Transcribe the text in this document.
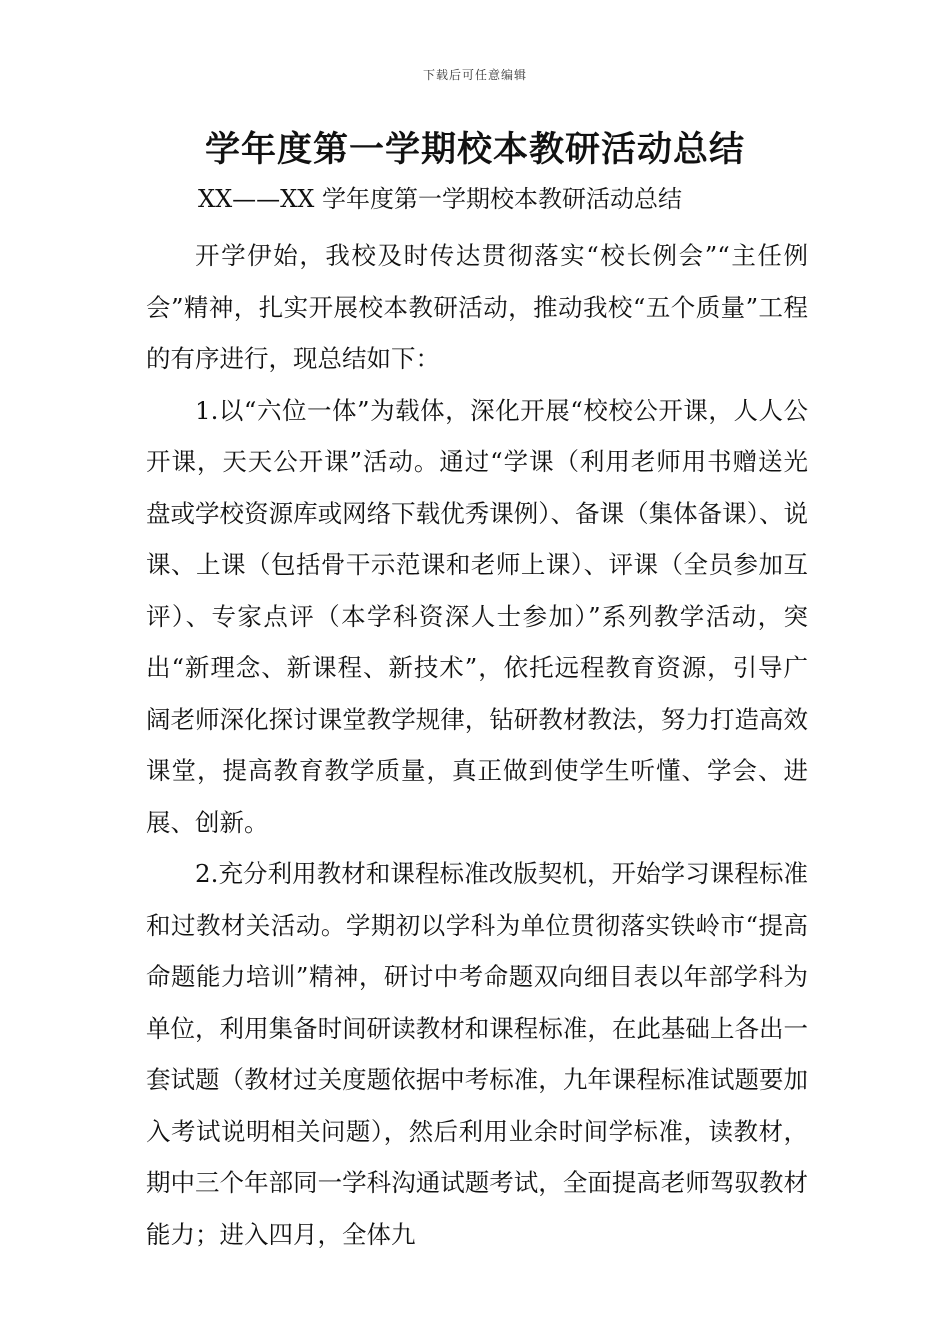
下载后可任意编辑
学年度第一学期校本教研活动总结

XX——XX 学年度第一学期校本教研活动总结

开学伊始，我校及时传达贯彻落实“校长例会”“主任例会”精神，扎实开展校本教研活动，推动我校“五个质量”工程的有序进行，现总结如下：

1.以“六位一体”为载体，深化开展“校校公开课，人人公开课，天天公开课”活动。通过“学课（利用老师用书赠送光盘或学校资源库或网络下载优秀课例）、备课（集体备课）、说课、上课（包括骨干示范课和老师上课）、评课（全员参加互评）、专家点评（本学科资深人士参加）”系列教学活动，突出“新理念、新课程、新技术”，依托远程教育资源，引导广阔老师深化探讨课堂教学规律，钻研教材教法，努力打造高效课堂，提高教育教学质量，真正做到使学生听懂、学会、进展、创新。

2.充分利用教材和课程标准改版契机，开始学习课程标准和过教材关活动。学期初以学科为单位贯彻落实铁岭市“提高命题能力培训”精神，研讨中考命题双向细目表以年部学科为单位，利用集备时间研读教材和课程标准，在此基础上各出一套试题（教材过关度题依据中考标准，九年课程标准试题要加入考试说明相关问题），然后利用业余时间学标准，读教材，期中三个年部同一学科沟通试题考试，全面提高老师驾驭教材能力；进入四月，全体九
